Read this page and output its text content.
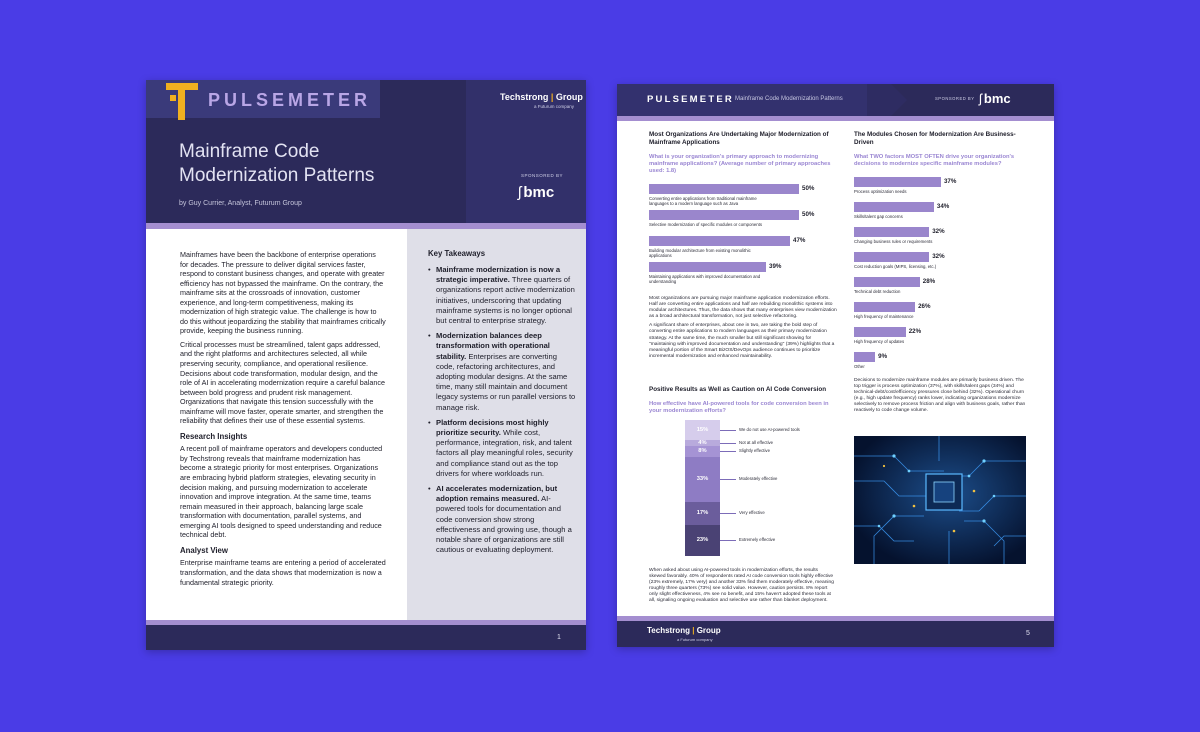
PULSEMETER
Mainframe Code Modernization Patterns
by Guy Currier, Analyst, Futurum Group
Techstrong | Group
a Futurum company
SPONSORED BY
ʃ bmc

Mainframes have been the backbone of enterprise operations for decades. The pressure to deliver digital services faster, respond to constant business changes, and operate with greater efficiency has not bypassed the mainframe. On the contrary, the mainframe sits at the crossroads of innovation, customer experience, and long-term competitiveness, making its modernization of high strategic value. The challenge is how to do this without jeopardizing the stability that mainframes critically provide, keeping the business running.

Critical processes must be streamlined, talent gaps addressed, and the right platforms and architectures selected, all while preserving security, compliance, and operational resilience. Decisions about code transformation, modular design, and the role of AI in accelerating modernization require a careful balance between bold progress and prudent risk management. Organizations that navigate this tension successfully with the mainframe will move faster, operate smarter, and strengthen the reliability that defines their use of these essential systems.

Research Insights

A recent poll of mainframe operators and developers conducted by Techstrong reveals that mainframe modernization has become a strategic priority for most enterprises. Organizations are embracing hybrid platform strategies, elevating security in decision making, and pursuing modernization to accelerate innovation and improve integration. At the same time, teams remain measured in their approach, balancing large scale transformation with documentation, parallel systems, and emerging AI tools designed to speed understanding and reduce technical debt.

Analyst View

Enterprise mainframe teams are entering a period of accelerated transformation, and the data shows that modernization is now a fundamental strategic priority.

Key Takeaways
• Mainframe modernization is now a strategic imperative. Three quarters of organizations report active modernization initiatives, underscoring that updating mainframe systems is no longer optional but central to enterprise strategy.
• Modernization balances deep transformation with operational stability. Enterprises are converting code, refactoring architectures, and adopting modular designs. At the same time, many still maintain and document legacy systems or run parallel versions to manage risk.
• Platform decisions most highly prioritize security. While cost, performance, integration, risk, and talent factors all play meaningful roles, security and compliance stand out as the top drivers for where workloads run.
• AI accelerates modernization, but adoption remains measured. AI-powered tools for documentation and code conversion show strong effectiveness and growing use, though a notable share of organizations are still cautious or evaluating deployment.
1
PULSEMETER Mainframe Code Modernization Patterns	SPONSORED BY ʃ bmc
Most Organizations Are Undertaking Major Modernization of Mainframe Applications
What is your organization's primary approach to modernizing mainframe applications? (Average number of primary approaches used: 1.8)
50%
Converting entire applications from traditional mainframe languages to a modern language such as Java
50%
Selective modernization of specific modules or components
47%
Building modular architecture from existing monolithic applications
39%
Maintaining applications with improved documentation and understanding

Most organizations are pursuing major mainframe application modernization efforts. Half are converting entire applications and half are rebuilding monolithic systems into modular architectures. Thus, the data shows that many enterprises view modernization as a broad architectural transformation, not just selective refactoring.

A significant share of enterprises, about one in two, are taking the bold step of converting entire applications to modern languages as their primary modernization strategy. At the same time, the much smaller but still significant showing for "maintaining with improved documentation and understanding" (39%) highlights that a meaningful portion of the Smart BizOS/DevOps audience continues to prioritize incremental modernization and enhanced maintainability.

Positive Results as Well as Caution on AI Code Conversion
How effective have AI-powered tools for code conversion been in your modernization efforts?
15%	We do not use AI-powered tools
4%	Not at all effective
8%	Slightly effective
33%	Moderately effective
17%	Very effective
23%	Extremely effective

When asked about using AI-powered tools in modernization efforts, the results skewed favorably. 40% of respondents rated AI code conversion tools highly effective (23% extremely, 17% very) and another 33% find them moderately effective, meaning roughly three quarters (73%) see solid value. However, caution persists. 8% report only slight effectiveness, 4% see no benefit, and 15% haven't adopted these tools at all, signaling ongoing evaluation and selective use rather than blanket deployment.

The Modules Chosen for Modernization Are Business-Driven
What TWO factors MOST OFTEN drive your organization's decisions to modernize specific mainframe modules?
37%
Process optimization needs
34%
Skills/talent gap concerns
32%
Changing business rules or requirements
32%
Cost reduction goals (MIPS, licensing, etc.)
28%
Technical debt reduction
26%
High frequency of maintenance
22%
High frequency of updates
9%
Other

Decisions to modernize mainframe modules are primarily business driven. The top trigger is process optimization (37%), with skills/talent gaps (34%) and technical-debt/cost/efficiency pressures close behind (32%). Operational churn (e.g., high update frequency) ranks lower, indicating organizations modernize selectively to remove process friction and align with business goals, rather than reactively to code change volume.

Techstrong | Group
a Futurum company
5
